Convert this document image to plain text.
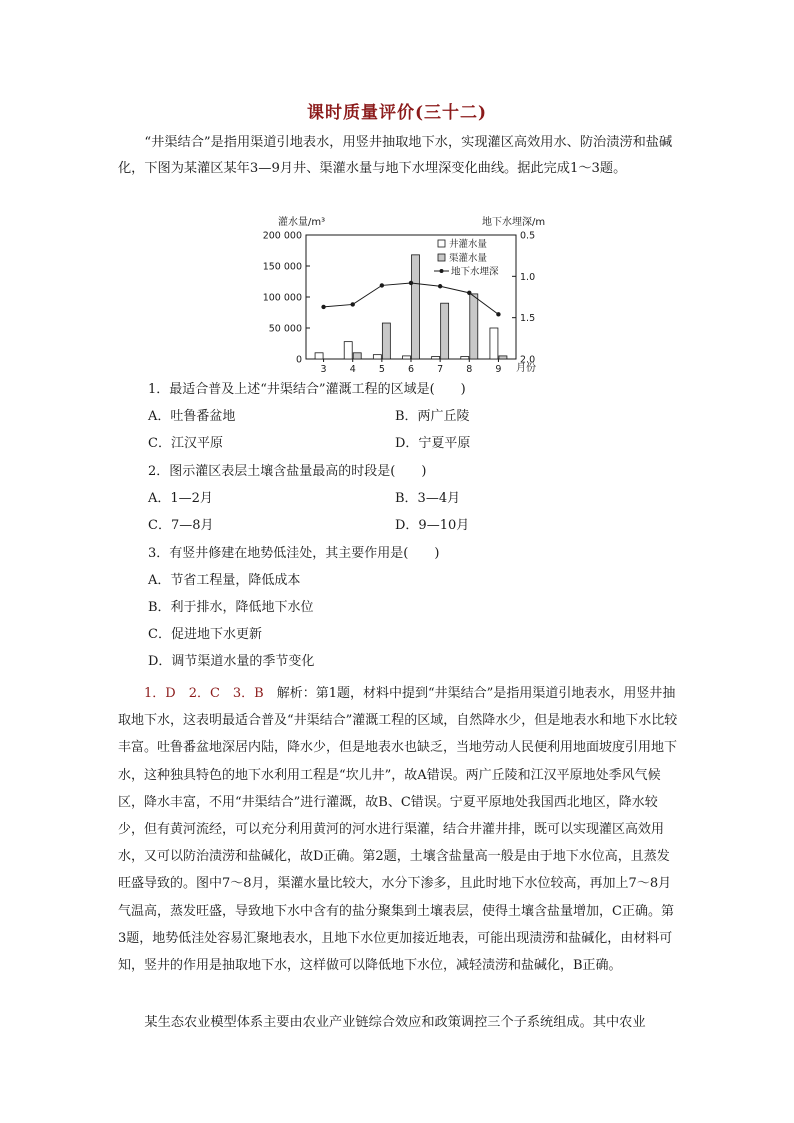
课时质量评价(三十二)
“井渠结合”是指用渠道引地表水，用竖井抽取地下水，实现灌区高效用水、防治渍涝和盐碱化，下图为某灌区某年3—9月井、渠灌水量与地下水埋深变化曲线。据此完成1～3题。
灌水量/m³	地下水埋深/m
200 000
150 000
100 000
50 000
0
0.5
1.0
1.5
2.0
3 4 5 6 7 8 9 月份
井灌水量
渠灌水量
地下水埋深
1．最适合普及上述“井渠结合”灌溉工程的区域是(　　)
A．吐鲁番盆地	B．两广丘陵
C．江汉平原	D．宁夏平原
2．图示灌区表层土壤含盐量最高的时段是(　　)
A．1—2月	B．3—4月
C．7—8月	D．9—10月
3．有竖井修建在地势低洼处，其主要作用是(　　)
A．节省工程量，降低成本
B．利于排水，降低地下水位
C．促进地下水更新
D．调节渠道水量的季节变化
1．D　2．C　3．B　 解析：第1题，材料中提到“井渠结合”是指用渠道引地表水，用竖井抽取地下水，这表明最适合普及“井渠结合”灌溉工程的区域，自然降水少，但是地表水和地下水比较丰富。吐鲁番盆地深居内陆，降水少，但是地表水也缺乏，当地劳动人民便利用地面坡度引用地下水，这种独具特色的地下水利用工程是“坎儿井”，故A错误。两广丘陵和江汉平原地处季风气候区，降水丰富，不用“井渠结合”进行灌溉，故B、C错误。宁夏平原地处我国西北地区，降水较少，但有黄河流经，可以充分利用黄河的河水进行渠灌，结合井灌井排，既可以实现灌区高效用水，又可以防治渍涝和盐碱化，故D正确。第2题，土壤含盐量高一般是由于地下水位高，且蒸发旺盛导致的。图中7～8月，渠灌水量比较大，水分下渗多，且此时地下水位较高，再加上7～8月气温高，蒸发旺盛，导致地下水中含有的盐分聚集到土壤表层，使得土壤含盐量增加，C正确。第3题，地势低洼处容易汇聚地表水，且地下水位更加接近地表，可能出现渍涝和盐碱化，由材料可知，竖井的作用是抽取地下水，这样做可以降低地下水位，减轻渍涝和盐碱化，B正确。
某生态农业模型体系主要由农业产业链综合效应和政策调控三个子系统组成。其中农业
